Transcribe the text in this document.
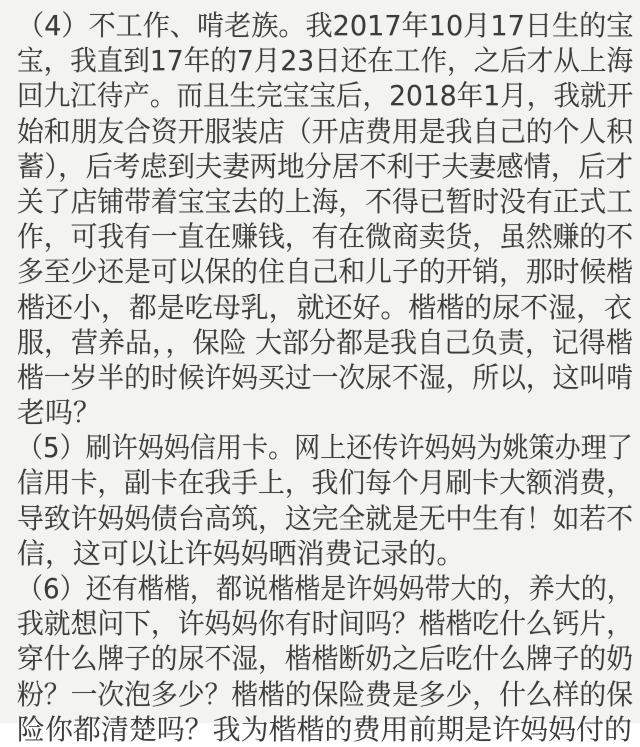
（4）不工作、啃老族。我2017年10月17日生的宝
宝，我直到17年的7月23日还在工作，之后才从上海
回九江待产。而且生完宝宝后，2018年1月，我就开
始和朋友合资开服装店（开店费用是我自己的个人积
蓄），后考虑到夫妻两地分居不利于夫妻感情，后才
关了店铺带着宝宝去的上海，不得已暂时没有正式工
作，可我有一直在赚钱，有在微商卖货，虽然赚的不
多至少还是可以保的住自己和儿子的开销，那时候楷
楷还小，都是吃母乳，就还好。楷楷的尿不湿，衣
服，营养品，，保险 大部分都是我自己负责，记得楷
楷一岁半的时候许妈买过一次尿不湿，所以，这叫啃
老吗？
（5）刷许妈妈信用卡。网上还传许妈妈为姚策办理了
信用卡，副卡在我手上，我们每个月刷卡大额消费，
导致许妈妈债台高筑，这完全就是无中生有！如若不
信，这可以让许妈妈晒消费记录的。
（6）还有楷楷，都说楷楷是许妈妈带大的，养大的，
我就想问下，许妈妈你有时间吗？楷楷吃什么钙片，
穿什么牌子的尿不湿，楷楷断奶之后吃什么牌子的奶
粉？一次泡多少？楷楷的保险费是多少，什么样的保
险你都清楚吗？我为楷楷的费用前期是许妈妈付的
